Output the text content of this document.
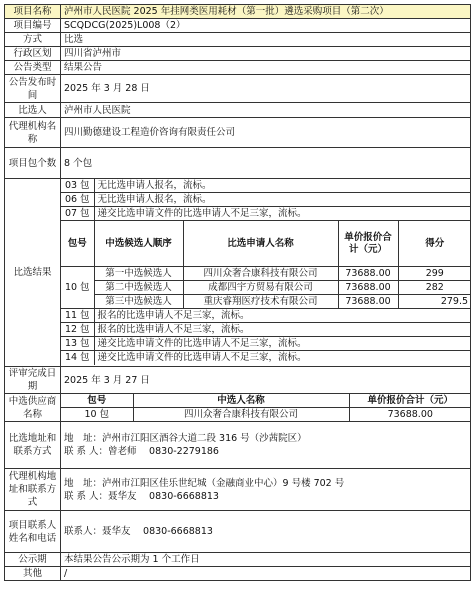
项目名称	泸州市人民医院 2025 年挂网类医用耗材（第一批）遴选采购项目（第二次）
项目编号	SCQDCG(2025)L008（2）
方式	比选
行政区划	四川省泸州市
公告类型	结果公告
公告发布时间	2025 年 3 月 28 日
比选人	泸州市人民医院
代理机构名称	四川勤德建设工程造价咨询有限责任公司
项目包个数	8 个包
比选结果	
03 包	无比选申请人报名，流标。
06 包	无比选申请人报名，流标。
07 包	递交比选申请文件的比选申请人不足三家，流标。
包号	中选候选人顺序	比选申请人名称	单价报价合计（元）	得分
10 包	第一中选候选人	四川众奢合康科技有限公司	73688.00	299
第二中选候选人	成都四宇方贸易有限公司	73688.00	282
第三中选候选人	重庆睿翔医疗技术有限公司	73688.00	279.5
11 包	报名的比选申请人不足三家，流标。
12 包	报名的比选申请人不足三家，流标。
13 包	递交比选申请文件的比选申请人不足三家，流标。
14 包	递交比选申请文件的比选申请人不足三家，流标。

评审完成日期	2025 年 3 月 27 日
中选供应商名称	
包号	中选人名称	单价报价合计（元）
10 包	四川众奢合康科技有限公司	73688.00

比选地址和联系方式	
地　址：泸州市江阳区酒谷大道二段 316 号（沙茜院区）
联 系 人：曾老师　 0830-2279186

代理机构地址和联系方式	
地　址：泸州市江阳区佳乐世纪城（金融商业中心）9 号楼 702 号
联 系 人：聂华友　 0830-6668813

项目联系人姓名和电话	联系人：聂华友　 0830-6668813
公示期	本结果公告公示期为 1 个工作日
其他	/
